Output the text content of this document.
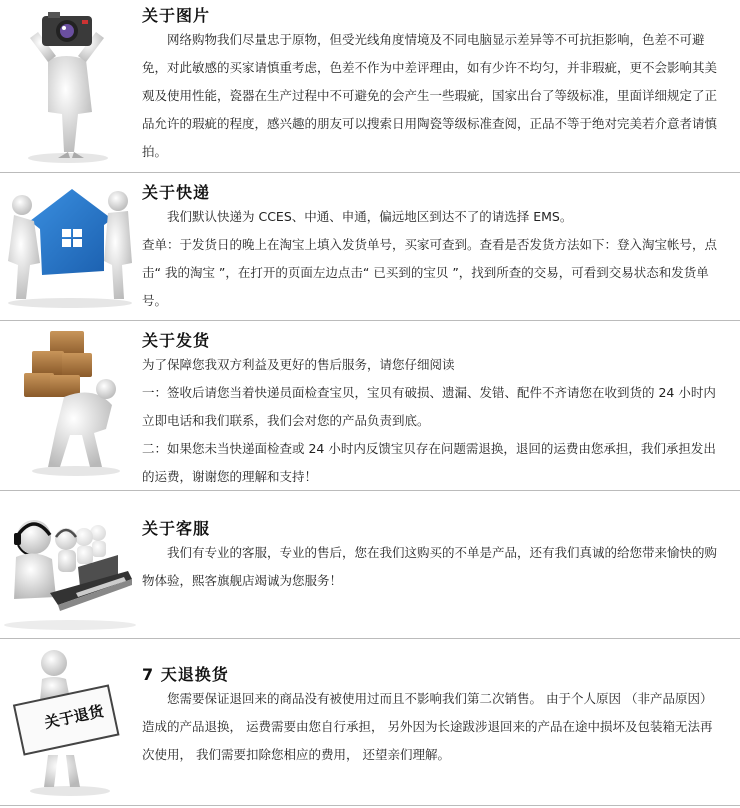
关于图片

网络购物我们尽量忠于原物，但受光线角度情境及不同电脑显示差异等不可抗拒影响，色差不可避免，对此敏感的买家请慎重考虑，色差不作为中差评理由，如有少许不均匀，并非瑕疵，更不会影响其美观及使用性能，瓷器在生产过程中不可避免的会产生一些瑕疵，国家出台了等级标准，里面详细规定了正品允许的瑕疵的程度，感兴趣的朋友可以搜索日用陶瓷等级标准查阅，正品不等于绝对完美若介意者请慎拍。

关于快递

我们默认快递为 CCES、中通、申通，偏远地区到达不了的请选择 EMS。

查单：于发货日的晚上在淘宝上填入发货单号，买家可查到。查看是否发货方法如下：登入淘宝帐号，点击“ 我的淘宝 ”，在打开的页面左边点击“ 已买到的宝贝 ”，找到所查的交易，可看到交易状态和发货单号。

关于发货

为了保障您我双方利益及更好的售后服务，请您仔细阅读

一：签收后请您当着快递员面检查宝贝，宝贝有破损、遗漏、发错、配件不齐请您在收到货的 24 小时内立即电话和我们联系，我们会对您的产品负责到底。

二：如果您未当快递面检查或 24 小时内反馈宝贝存在问题需退换，退回的运费由您承担，我们承担发出的运费，谢谢您的理解和支持！

关于客服

我们有专业的客服，专业的售后，您在我们这购买的不单是产品，还有我们真诚的给您带来愉快的购物体验，熙客旗舰店竭诚为您服务！

关于退货
7 天退换货

您需要保证退回来的商品没有被使用过而且不影响我们第二次销售。 由于个人原因 （非产品原因） 造成的产品退换， 运费需要由您自行承担， 另外因为长途跋涉退回来的产品在途中损坏及包装箱无法再次使用， 我们需要扣除您相应的费用， 还望亲们理解。
